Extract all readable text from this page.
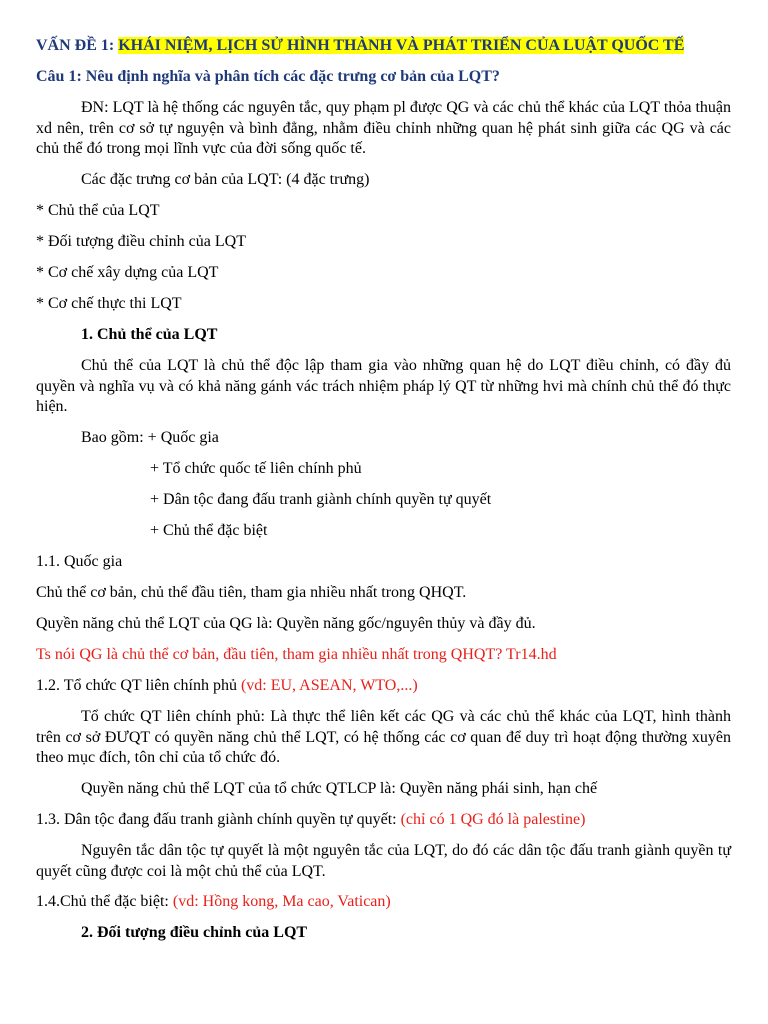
VẤN ĐỀ 1: KHÁI NIỆM, LỊCH SỬ HÌNH THÀNH VÀ PHÁT TRIỂN CỦA LUẬT QUỐC TẾ
Câu 1: Nêu định nghĩa và phân tích các đặc trưng cơ bản của LQT?
ĐN: LQT là hệ thống các nguyên tắc, quy phạm pl được QG và các chủ thể khác của LQT thỏa thuận xd nên, trên cơ sở tự nguyện và bình đẳng, nhằm điều chỉnh những quan hệ phát sinh giữa các QG và các chủ thể đó trong mọi lĩnh vực của đời sống quốc tế.
Các đặc trưng cơ bản của LQT: (4 đặc trưng)
* Chủ thể của LQT
* Đối tượng điều chỉnh của LQT
* Cơ chế xây dựng của LQT
* Cơ chế thực thi LQT
1. Chủ thể của LQT
Chủ thể của LQT là chủ thể độc lập tham gia vào những quan hệ do LQT điều chỉnh, có đầy đủ quyền và nghĩa vụ và có khả năng gánh vác trách nhiệm pháp lý QT từ những hvi mà chính chủ thể đó thực hiện.
Bao gồm: + Quốc gia
+ Tổ chức quốc tế liên chính phủ
+ Dân tộc đang đấu tranh giành chính quyền tự quyết
+ Chủ thể đặc biệt
1.1. Quốc gia
Chủ thể cơ bản, chủ thể đầu tiên, tham gia nhiều nhất trong QHQT.
Quyền năng chủ thể LQT của QG là: Quyền năng gốc/nguyên thủy và đầy đủ.
Ts nói QG là chủ thể cơ bản, đầu tiên, tham gia nhiều nhất trong QHQT? Tr14.hd
1.2. Tổ chức QT liên chính phủ (vd: EU, ASEAN, WTO,...)
Tổ chức QT liên chính phủ: Là thực thể liên kết các QG và các chủ thể khác của LQT, hình thành trên cơ sở ĐƯQT có quyền năng chủ thể LQT, có hệ thống các cơ quan để duy trì hoạt động thường xuyên theo mục đích, tôn chỉ của tổ chức đó.
Quyền năng chủ thể LQT của tổ chức QTLCP là: Quyền năng phái sinh, hạn chế
1.3. Dân tộc đang đấu tranh giành chính quyền tự quyết: (chỉ có 1 QG đó là palestine)
Nguyên tắc dân tộc tự quyết là một nguyên tắc của LQT, do đó các dân tộc đấu tranh giành quyền tự quyết cũng được coi là một chủ thể của LQT.
1.4.Chủ thể đặc biệt: (vd: Hồng kong, Ma cao, Vatican)
2. Đối tượng điều chỉnh của LQT
